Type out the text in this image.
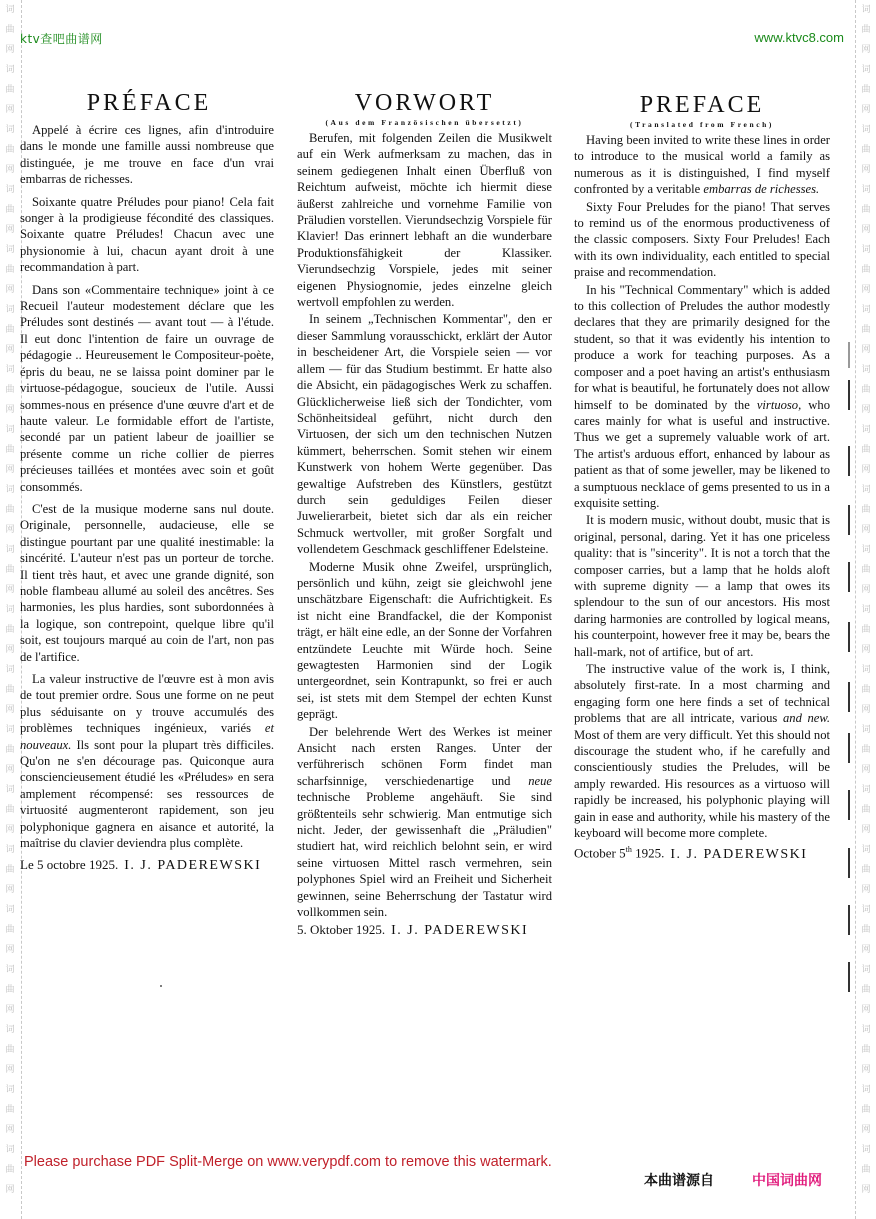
词
曲
网
词
曲
网
词
曲
网
词
曲
网
词
曲
网
词
曲
网
词
曲
网
词
曲
网
词
曲
网
词
曲
网
词
曲
网
词
曲
网
词
曲
网
词
曲
网
词
曲
网
词
曲
网
词
曲
网
词
曲
网
词
曲
网
词
曲
网
词
曲
网
词
曲
网
词
曲
网
词
曲
网
词
曲
网
词
曲
网
词
曲
网
词
曲
网
词
曲
网
词
曲
网
词
曲
网
词
曲
网
词
曲
网
词
曲
网
词
曲
网
词
曲
网
词
曲
网
词
曲
网
词
曲
网
词
曲
网
ktv查吧曲谱网	www.ktvc8.com
PRÉFACE

Appelé à écrire ces lignes, afin d'introduire dans le monde une famille aussi nombreuse que distinguée, je me trouve en face d'un vrai embarras de richesses.

Soixante quatre Préludes pour piano! Cela fait songer à la prodigieuse fécondité des classiques. Soixante quatre Préludes! Chacun avec une physionomie à lui, chacun ayant droit à une recommandation à part.

Dans son «Commentaire technique» joint à ce Recueil l'auteur modestement déclare que les Préludes sont destinés — avant tout — à l'étude. Il eut donc l'intention de faire un ouvrage de pédagogie .. Heureusement le Compositeur-poète, épris du beau, ne se laissa point dominer par le virtuose-pédagogue, soucieux de l'utile. Aussi sommes-nous en présence d'une œuvre d'art et de haute valeur. Le formidable effort de l'artiste, secondé par un patient labeur de joaillier se présente comme un riche collier de pierres précieuses taillées et montées avec soin et goût consommés.

C'est de la musique moderne sans nul doute. Originale, personnelle, audacieuse, elle se distingue pourtant par une qualité inestimable: la sincérité. L'auteur n'est pas un porteur de torche. Il tient très haut, et avec une grande dignité, son noble flambeau allumé au soleil des ancêtres. Ses harmonies, les plus hardies, sont subordonnées à la logique, son contrepoint, quelque libre qu'il soit, est toujours marqué au coin de l'art, non pas de l'artifice.

La valeur instructive de l'œuvre est à mon avis de tout premier ordre. Sous une forme on ne peut plus séduisante on y trouve accumulés des problèmes techniques ingénieux, variés et nouveaux. Ils sont pour la plupart très difficiles. Qu'on ne s'en décourage pas. Quiconque aura consciencieusement étudié les «Préludes» en sera amplement récompensé: ses ressources de virtuosité augmenteront rapidement, son jeu polyphonique gagnera en aisance et autorité, la maîtrise du clavier deviendra plus complète.

Le 5 octobre 1925. I. J. PADEREWSKI

VORWORT
(Aus dem Französischen übersetzt)

Berufen, mit folgenden Zeilen die Musikwelt auf ein Werk aufmerksam zu machen, das in seinem gediegenen Inhalt einen Überfluß von Reichtum aufweist, möchte ich hiermit diese äußerst zahlreiche und vornehme Familie von Präludien vorstellen. Vierundsechzig Vorspiele für Klavier! Das erinnert lebhaft an die wunderbare Produktionsfähigkeit der Klassiker. Vierundsechzig Vorspiele, jedes mit seiner eigenen Physiognomie, jedes einzelne gleich wertvoll empfohlen zu werden.

In seinem „Technischen Kommentar", den er dieser Sammlung vorausschickt, erklärt der Autor in bescheidener Art, die Vorspiele seien — vor allem — für das Studium bestimmt. Er hatte also die Absicht, ein pädagogisches Werk zu schaffen. Glücklicherweise ließ sich der Tondichter, vom Schönheitsideal geführt, nicht durch den Virtuosen, der sich um den technischen Nutzen kümmert, beherrschen. Somit stehen wir einem Kunstwerk von hohem Werte gegenüber. Das gewaltige Aufstreben des Künstlers, gestützt durch sein geduldiges Feilen dieser Juwelierarbeit, bietet sich dar als ein reicher Schmuck wertvoller, mit großer Sorgfalt und vollendetem Geschmack geschliffener Edelsteine.

Moderne Musik ohne Zweifel, ursprünglich, persönlich und kühn, zeigt sie gleichwohl jene unschätzbare Eigenschaft: die Aufrichtigkeit. Es ist nicht eine Brandfackel, die der Komponist trägt, er hält eine edle, an der Sonne der Vorfahren entzündete Leuchte mit Würde hoch. Seine gewagtesten Harmonien sind der Logik untergeordnet, sein Kontrapunkt, so frei er auch sei, ist stets mit dem Stempel der echten Kunst geprägt.

Der belehrende Wert des Werkes ist meiner Ansicht nach ersten Ranges. Unter der verführerisch schönen Form findet man scharfsinnige, verschiedenartige und neue technische Probleme angehäuft. Sie sind größtenteils sehr schwierig. Man entmutige sich nicht. Jeder, der gewissenhaft die „Präludien" studiert hat, wird reichlich belohnt sein, er wird seine virtuosen Mittel rasch vermehren, sein polyphones Spiel wird an Freiheit und Sicherheit gewinnen, seine Beherrschung der Tastatur wird vollkommen sein.

5. Oktober 1925. I. J. PADEREWSKI

PREFACE
(Translated from French)

Having been invited to write these lines in order to introduce to the musical world a family as numerous as it is distinguished, I find myself confronted by a veritable embarras de richesses.

Sixty Four Preludes for the piano! That serves to remind us of the enormous productiveness of the classic composers. Sixty Four Preludes! Each with its own individuality, each entitled to special praise and recommendation.

In his "Technical Commentary" which is added to this collection of Preludes the author modestly declares that they are primarily designed for the student, so that it was evidently his intention to produce a work for teaching purposes. As a composer and a poet having an artist's enthusiasm for what is beautiful, he fortunately does not allow himself to be dominated by the virtuoso, who cares mainly for what is useful and instructive. Thus we get a supremely valuable work of art. The artist's arduous effort, enhanced by labour as patient as that of some jeweller, may be likened to a sumptuous necklace of gems presented to us in a exquisite setting.

It is modern music, without doubt, music that is original, personal, daring. Yet it has one priceless quality: that is "sincerity". It is not a torch that the composer carries, but a lamp that he holds aloft with supreme dignity — a lamp that owes its splendour to the sun of our ancestors. His most daring harmonies are controlled by logical means, his counterpoint, however free it may be, bears the hall-mark, not of artifice, but of art.

The instructive value of the work is, I think, absolutely first-rate. In a most charming and engaging form one here finds a set of technical problems that are all intricate, various and new. Most of them are very difficult. Yet this should not discourage the student who, if he carefully and conscientiously studies the Preludes, will be amply rewarded. His resources as a virtuoso will rapidly be increased, his polyphonic playing will gain in ease and authority, while his mastery of the keyboard will become more complete.

October 5th 1925. I. J. PADEREWSKI

Please purchase PDF Split-Merge on www.verypdf.com to remove this watermark.
本曲谱源自	中国词曲网
